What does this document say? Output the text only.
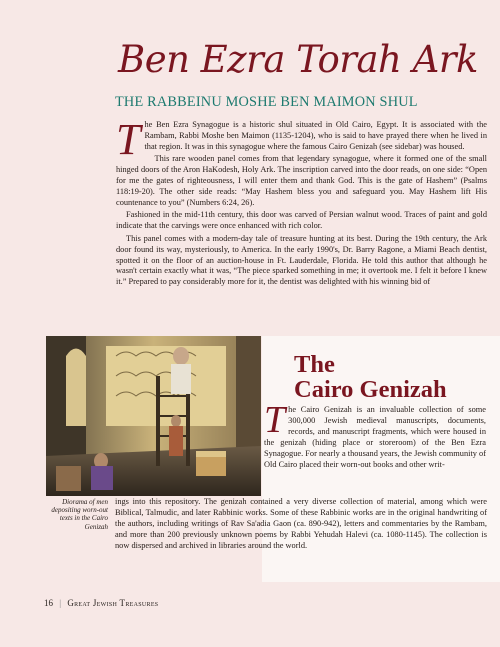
Ben Ezra Torah Ark
THE RABBEINU MOSHE BEN MAIMON SHUL

The Ben Ezra Synagogue is a historic shul situated in Old Cairo, Egypt. It is associated with the Rambam, Rabbi Moshe ben Maimon (1135-1204), who is said to have prayed there when he lived in that region. It was in this synagogue where the famous Cairo Genizah (see sidebar) was housed.

This rare wooden panel comes from that legendary synagogue, where it formed one of the small hinged doors of the Aron HaKodesh, Holy Ark. The inscription carved into the door reads, on one side: “Open for me the gates of righteousness, I will enter them and thank God. This is the gate of Hashem” (Psalms 118:19-20). The other side reads: “May Hashem bless you and safeguard you. May Hashem lift His countenance to you” (Numbers 6:24, 26).

Fashioned in the mid-11th century, this door was carved of Persian walnut wood. Traces of paint and gold indicate that the carvings were once enhanced with rich color.

This panel comes with a modern-day tale of treasure hunting at its best. During the 19th century, the Ark door found its way, mysteriously, to America. In the early 1990's, Dr. Barry Ragone, a Miami Beach dentist, spotted it on the floor of an auction-house in Ft. Lauderdale, Florida. He told this author that although he wasn't certain exactly what it was, “The piece sparked something in me; it overtook me. I felt it before I knew it.” Prepared to pay considerably more for it, the dentist was delighted with his winning bid of

Diorama of men depositing worn-out texts in the Cairo Genizah
The
Cairo Genizah
The Cairo Genizah is an invaluable collection of some 300,000 Jewish medieval manuscripts, documents, records, and manuscript fragments, which were housed in the genizah (hiding place or storeroom) of the Ben Ezra Synagogue. For nearly a thousand years, the Jewish community of Old Cairo placed their worn-out books and other writ-
ings into this repository. The genizah contained a very diverse collection of material, among which were Biblical, Talmudic, and later Rabbinic works. Some of these Rabbinic works are in the original handwriting of the authors, including writings of Rav Sa'adia Gaon (ca. 890-942), letters and commentaries by the Rambam, and more than 200 previously unknown poems by Rabbi Yehudah Halevi (ca. 1080-1145). The collection is now dispersed and archived in libraries around the world.
16 | Great Jewish Treasures
